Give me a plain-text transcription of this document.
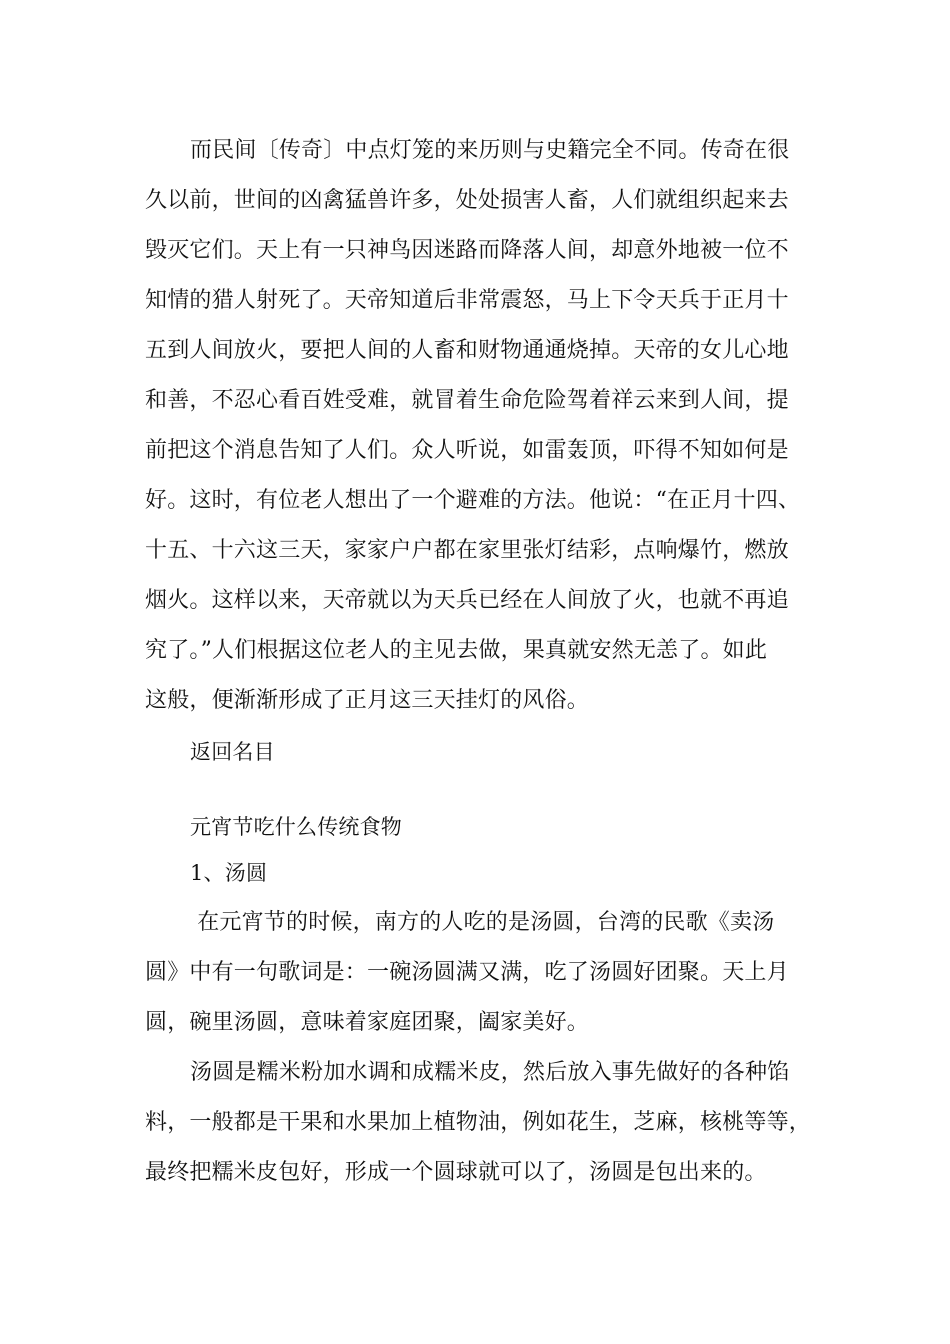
而民间〔传奇〕中点灯笼的来历则与史籍完全不同。传奇在很
久以前，世间的凶禽猛兽许多，处处损害人畜，人们就组织起来去
毁灭它们。天上有一只神鸟因迷路而降落人间，却意外地被一位不
知情的猎人射死了。天帝知道后非常震怒，马上下令天兵于正月十
五到人间放火，要把人间的人畜和财物通通烧掉。天帝的女儿心地
和善，不忍心看百姓受难，就冒着生命危险驾着祥云来到人间，提
前把这个消息告知了人们。众人听说，如雷轰顶，吓得不知如何是
好。这时，有位老人想出了一个避难的方法。他说：“在正月十四、
十五、十六这三天，家家户户都在家里张灯结彩，点响爆竹，燃放
烟火。这样以来，天帝就以为天兵已经在人间放了火，也就不再追
究了。”人们根据这位老人的主见去做，果真就安然无恙了。如此
这般，便渐渐形成了正月这三天挂灯的风俗。
返回名目
元宵节吃什么传统食物
1、汤圆
在元宵节的时候，南方的人吃的是汤圆，台湾的民歌《卖汤
圆》中有一句歌词是：一碗汤圆满又满，吃了汤圆好团聚。天上月
圆，碗里汤圆，意味着家庭团聚，阖家美好。
汤圆是糯米粉加水调和成糯米皮，然后放入事先做好的各种馅
料，一般都是干果和水果加上植物油，例如花生，芝麻，核桃等等，
最终把糯米皮包好，形成一个圆球就可以了，汤圆是包出来的。
